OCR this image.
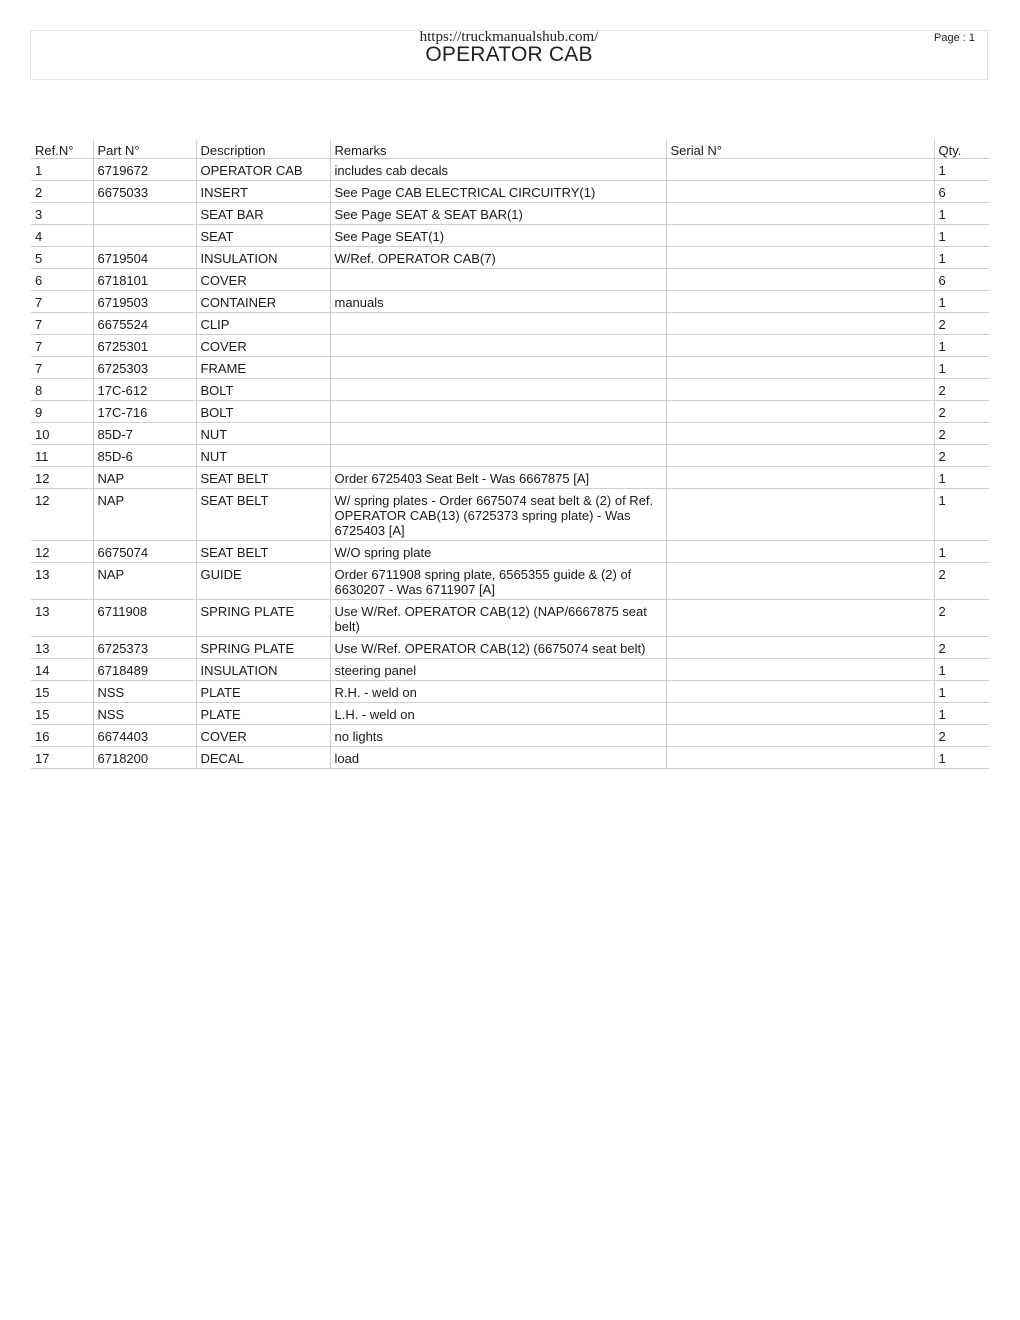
https://truckmanualshub.com/	Page : 1
OPERATOR CAB
Ref.N°	Part N°	Description	Remarks	Serial N°	Qty.
1	6719672	OPERATOR CAB	includes cab decals		1
2	6675033	INSERT	See Page CAB ELECTRICAL CIRCUITRY(1)		6
3		SEAT BAR	See Page SEAT & SEAT BAR(1)		1
4		SEAT	See Page SEAT(1)		1
5	6719504	INSULATION	W/Ref. OPERATOR CAB(7)		1
6	6718101	COVER			6
7	6719503	CONTAINER	manuals		1
7	6675524	CLIP			2
7	6725301	COVER			1
7	6725303	FRAME			1
8	17C-612	BOLT			2
9	17C-716	BOLT			2
10	85D-7	NUT			2
11	85D-6	NUT			2
12	NAP	SEAT BELT	Order 6725403 Seat Belt - Was 6667875 [A]		1
12	NAP	SEAT BELT	W/ spring plates - Order 6675074 seat belt & (2) of Ref. OPERATOR CAB(13) (6725373 spring plate) - Was 6725403 [A]		1
12	6675074	SEAT BELT	W/O spring plate		1
13	NAP	GUIDE	Order 6711908 spring plate, 6565355 guide & (2) of 6630207 - Was 6711907 [A]		2
13	6711908	SPRING PLATE	Use W/Ref. OPERATOR CAB(12) (NAP/6667875 seat belt)		2
13	6725373	SPRING PLATE	Use W/Ref. OPERATOR CAB(12) (6675074 seat belt)		2
14	6718489	INSULATION	steering panel		1
15	NSS	PLATE	R.H. - weld on		1
15	NSS	PLATE	L.H. - weld on		1
16	6674403	COVER	no lights		2
17	6718200	DECAL	load		1
